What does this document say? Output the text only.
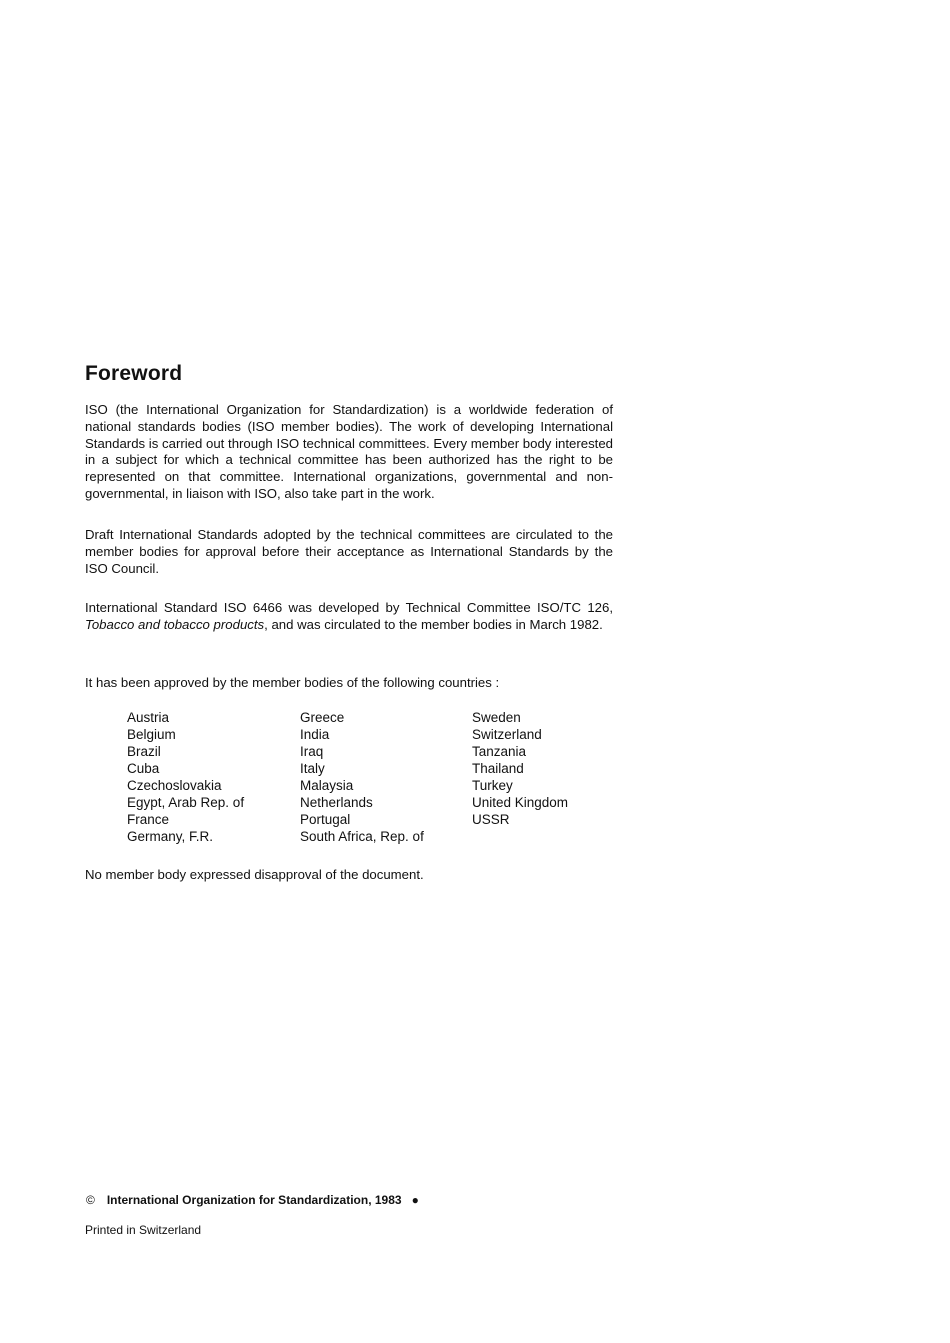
Foreword

ISO (the International Organization for Standardization) is a worldwide federation of national standards bodies (ISO member bodies). The work of developing International Standards is carried out through ISO technical committees. Every member body interested in a subject for which a technical committee has been authorized has the right to be represented on that committee. International organizations, governmental and non-governmental, in liaison with ISO, also take part in the work.

Draft International Standards adopted by the technical committees are circulated to the member bodies for approval before their acceptance as International Standards by the ISO Council.

International Standard ISO 6466 was developed by Technical Committee ISO/TC 126, Tobacco and tobacco products, and was circulated to the member bodies in March 1982.

It has been approved by the member bodies of the following countries :

Austria
Belgium
Brazil
Cuba
Czechoslovakia
Egypt, Arab Rep. of
France
Germany, F.R.
Greece
India
Iraq
Italy
Malaysia
Netherlands
Portugal
South Africa, Rep. of
Sweden
Switzerland
Tanzania
Thailand
Turkey
United Kingdom
USSR

No member body expressed disapproval of the document.

© International Organization for Standardization, 1983 ●
Printed in Switzerland
